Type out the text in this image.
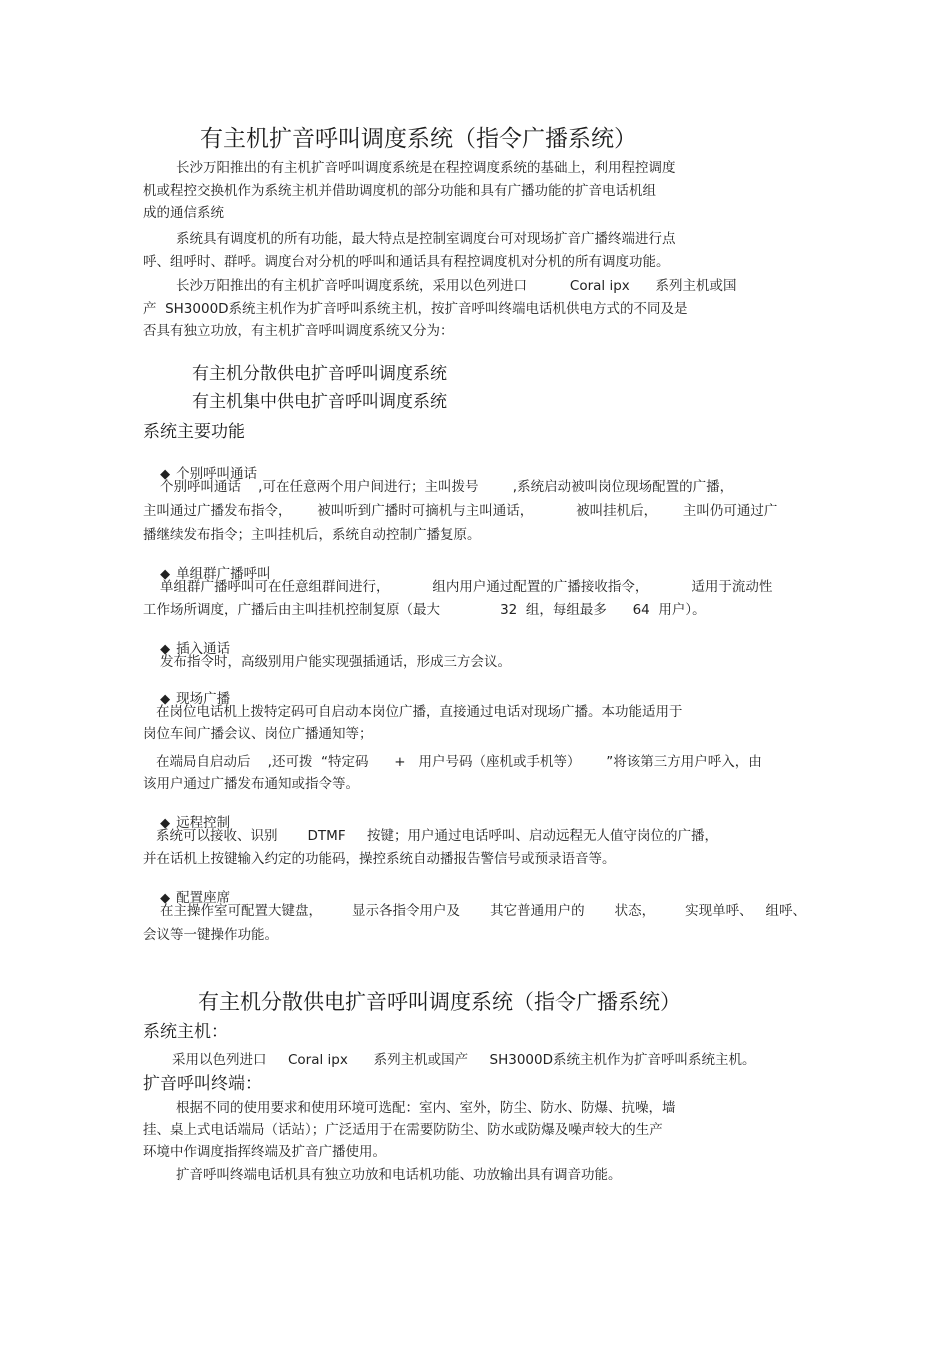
有主机扩音呼叫调度系统（指令广播系统）
长沙万阳推出的有主机扩音呼叫调度系统是在程控调度系统的基础上，利用程控调度
机或程控交换机作为系统主机并借助调度机的部分功能和具有广播功能的扩音电话机组
成的通信系统
系统具有调度机的所有功能，最大特点是控制室调度台可对现场扩音广播终端进行点
呼、组呼时、群呼。调度台对分机的呼叫和通话具有程控调度机对分机的所有调度功能。
长沙万阳推出的有主机扩音呼叫调度系统，采用以色列进口          Coral ipx      系列主机或国
产  SH3000D系统主机作为扩音呼叫系统主机，按扩音呼叫终端电话机供电方式的不同及是
否具有独立功放，有主机扩音呼叫调度系统又分为：
有主机分散供电扩音呼叫调度系统
有主机集中供电扩音呼叫调度系统
系统主要功能

◆ 个别呼叫通话

个别呼叫通话    ,可在任意两个用户间进行；主叫拨号        ,系统启动被叫岗位现场配置的广播，
主叫通过广播发布指令，      被叫听到广播时可摘机与主叫通话，          被叫挂机后，      主叫仍可通过广
播继续发布指令；主叫挂机后，系统自动控制广播复原。

◆ 单组群广播呼叫

单组群广播呼叫可在任意组群间进行，          组内用户通过配置的广播接收指令，          适用于流动性
工作场所调度，广播后由主叫挂机控制复原（最大              32  组，每组最多      64  用户）。

◆ 插入通话

发布指令时，高级别用户能实现强插通话，形成三方会议。

◆ 现场广播

在岗位电话机上拨特定码可自启动本岗位广播，直接通过电话对现场广播。本功能适用于
岗位车间广播会议、岗位广播通知等；
在端局自启动后    ,还可拨  “特定码      +   用户号码（座机或手机等）      ”将该第三方用户呼入，由
该用户通过广播发布通知或指令等。

◆ 远程控制

系统可以接收、识别       DTMF     按键；用户通过电话呼叫、启动远程无人值守岗位的广播，
并在话机上按键输入约定的功能码，操控系统自动播报告警信号或预录语音等。

◆ 配置座席

在主操作室可配置大键盘，       显示各指令用户及       其它普通用户的       状态，       实现单呼、   组呼、
会议等一键操作功能。
有主机分散供电扩音呼叫调度系统（指令广播系统）
系统主机：
采用以色列进口     Coral ipx      系列主机或国产     SH3000D系统主机作为扩音呼叫系统主机。
扩音呼叫终端：
根据不同的使用要求和使用环境可选配：室内、室外，防尘、防水、防爆、抗噪，墙
挂、桌上式电话端局（话站）；广泛适用于在需要防防尘、防水或防爆及噪声较大的生产
环境中作调度指挥终端及扩音广播使用。
扩音呼叫终端电话机具有独立功放和电话机功能、功放输出具有调音功能。
